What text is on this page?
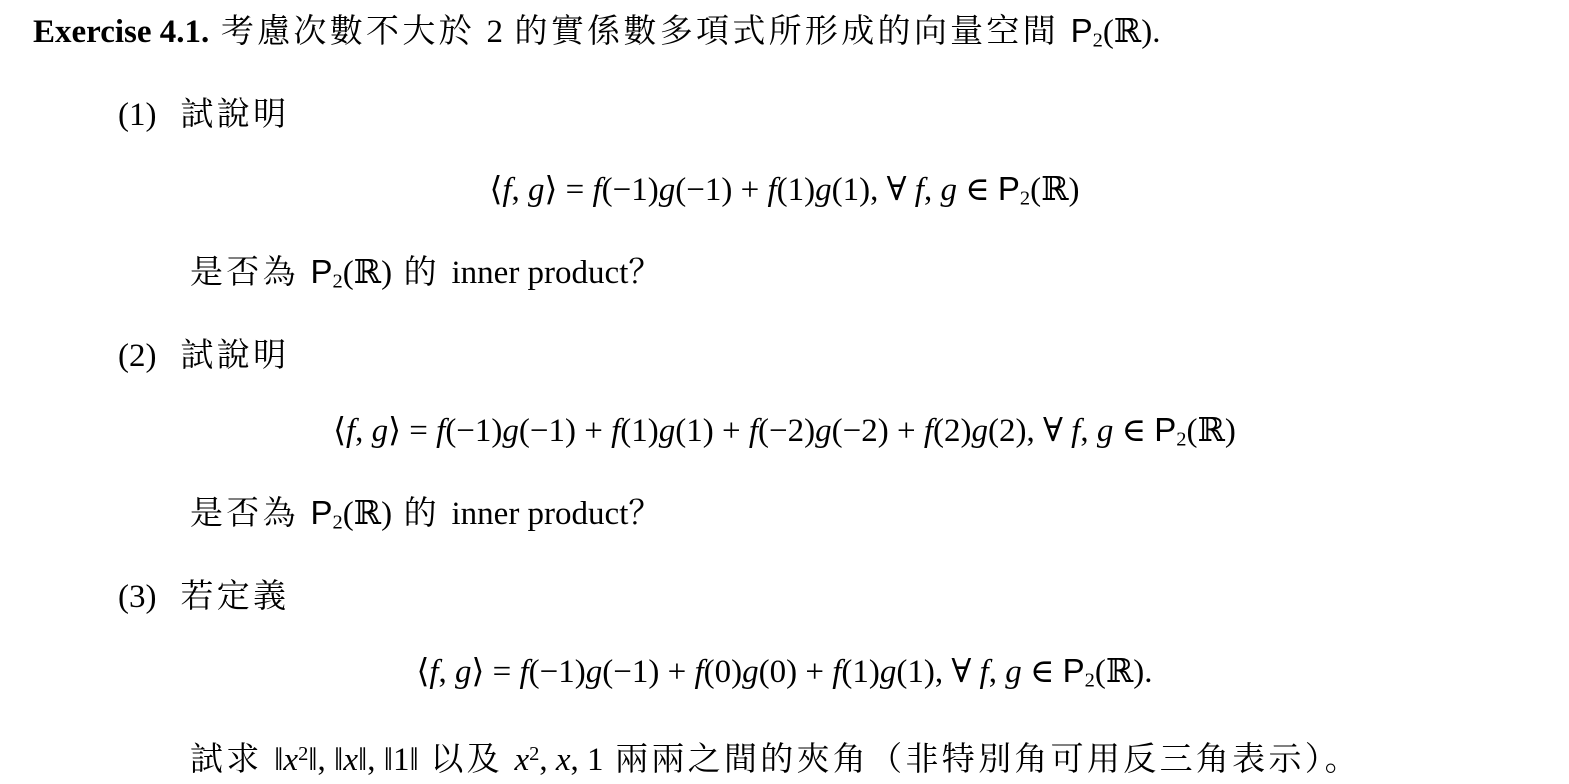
Exercise 4.1. 考慮次數不大於 2 的實係數多項式所形成的向量空間 P2(ℝ).
(1) 試說明
⟨f, g⟩ = f(−1)g(−1) + f(1)g(1), ∀ f, g ∈ P2(ℝ)
是否為 P2(ℝ) 的 inner product？
(2) 試說明
⟨f, g⟩ = f(−1)g(−1) + f(1)g(1) + f(−2)g(−2) + f(2)g(2), ∀ f, g ∈ P2(ℝ)
是否為 P2(ℝ) 的 inner product？
(3) 若定義
⟨f, g⟩ = f(−1)g(−1) + f(0)g(0) + f(1)g(1), ∀ f, g ∈ P2(ℝ).
試求 $‖x^2‖$, ‖x‖, ‖1‖ 以及 $x^2$, x, 1 兩兩之間的夾角（非特別角可用反三角表示）。
